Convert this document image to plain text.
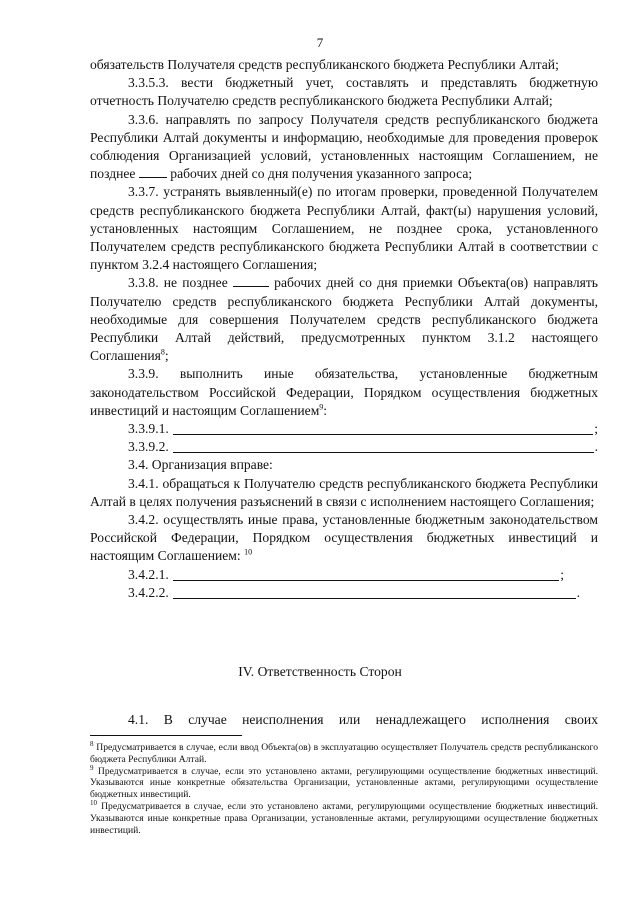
7

обязательств Получателя средств республиканского бюджета Республики Алтай;

3.3.5.3. вести бюджетный учет, составлять и представлять бюджетную отчетность Получателю средств республиканского бюджета Республики Алтай;

3.3.6. направлять по запросу Получателя средств республиканского бюджета Республики Алтай документы и информацию, необходимые для проведения проверок соблюдения Организацией условий, установленных настоящим Соглашением, не позднее	рабочих дней со дня получения указанного запроса;

3.3.7. устранять выявленный(е) по итогам проверки, проведенной Получателем средств республиканского бюджета Республики Алтай, факт(ы) нарушения условий, установленных настоящим Соглашением, не позднее срока, установленного Получателем средств республиканского бюджета Республики Алтай в соответствии с пунктом 3.2.4 настоящего Соглашения;

3.3.8. не позднее	рабочих дней со дня приемки Объекта(ов) направлять Получателю средств республиканского бюджета Республики Алтай документы, необходимые для совершения Получателем средств республиканского бюджета Республики Алтай действий, предусмотренных пунктом 3.1.2 настоящего Соглашения$^8$;

3.3.9. выполнить иные обязательства, установленные бюджетным законодательством Российской Федерации, Порядком осуществления бюджетных инвестиций и настоящим Соглашением$^9$:

3.3.9.1.	;
3.3.9.2.	.

3.4. Организация вправе:

3.4.1. обращаться к Получателю средств республиканского бюджета Республики Алтай в целях получения разъяснений в связи с исполнением настоящего Соглашения;

3.4.2. осуществлять иные права, установленные бюджетным законодательством Российской Федерации, Порядком осуществления бюджетных инвестиций и настоящим Соглашением: $^{10}$

3.4.2.1.	;
3.4.2.2.	.
IV. Ответственность Сторон

4.1. В случае неисполнения или ненадлежащего исполнения своих

$^8$ Предусматривается в случае, если ввод Объекта(ов) в эксплуатацию осуществляет Получатель средств республиканского бюджета Республики Алтай.

$^9$ Предусматривается в случае, если это установлено актами, регулирующими осуществление бюджетных инвестиций. Указываются иные конкретные обязательства Организации, установленные актами, регулирующими осуществление бюджетных инвестиций.

$^{10}$ Предусматривается в случае, если это установлено актами, регулирующими осуществление бюджетных инвестиций. Указываются иные конкретные права Организации, установленные актами, регулирующими осуществление бюджетных инвестиций.
